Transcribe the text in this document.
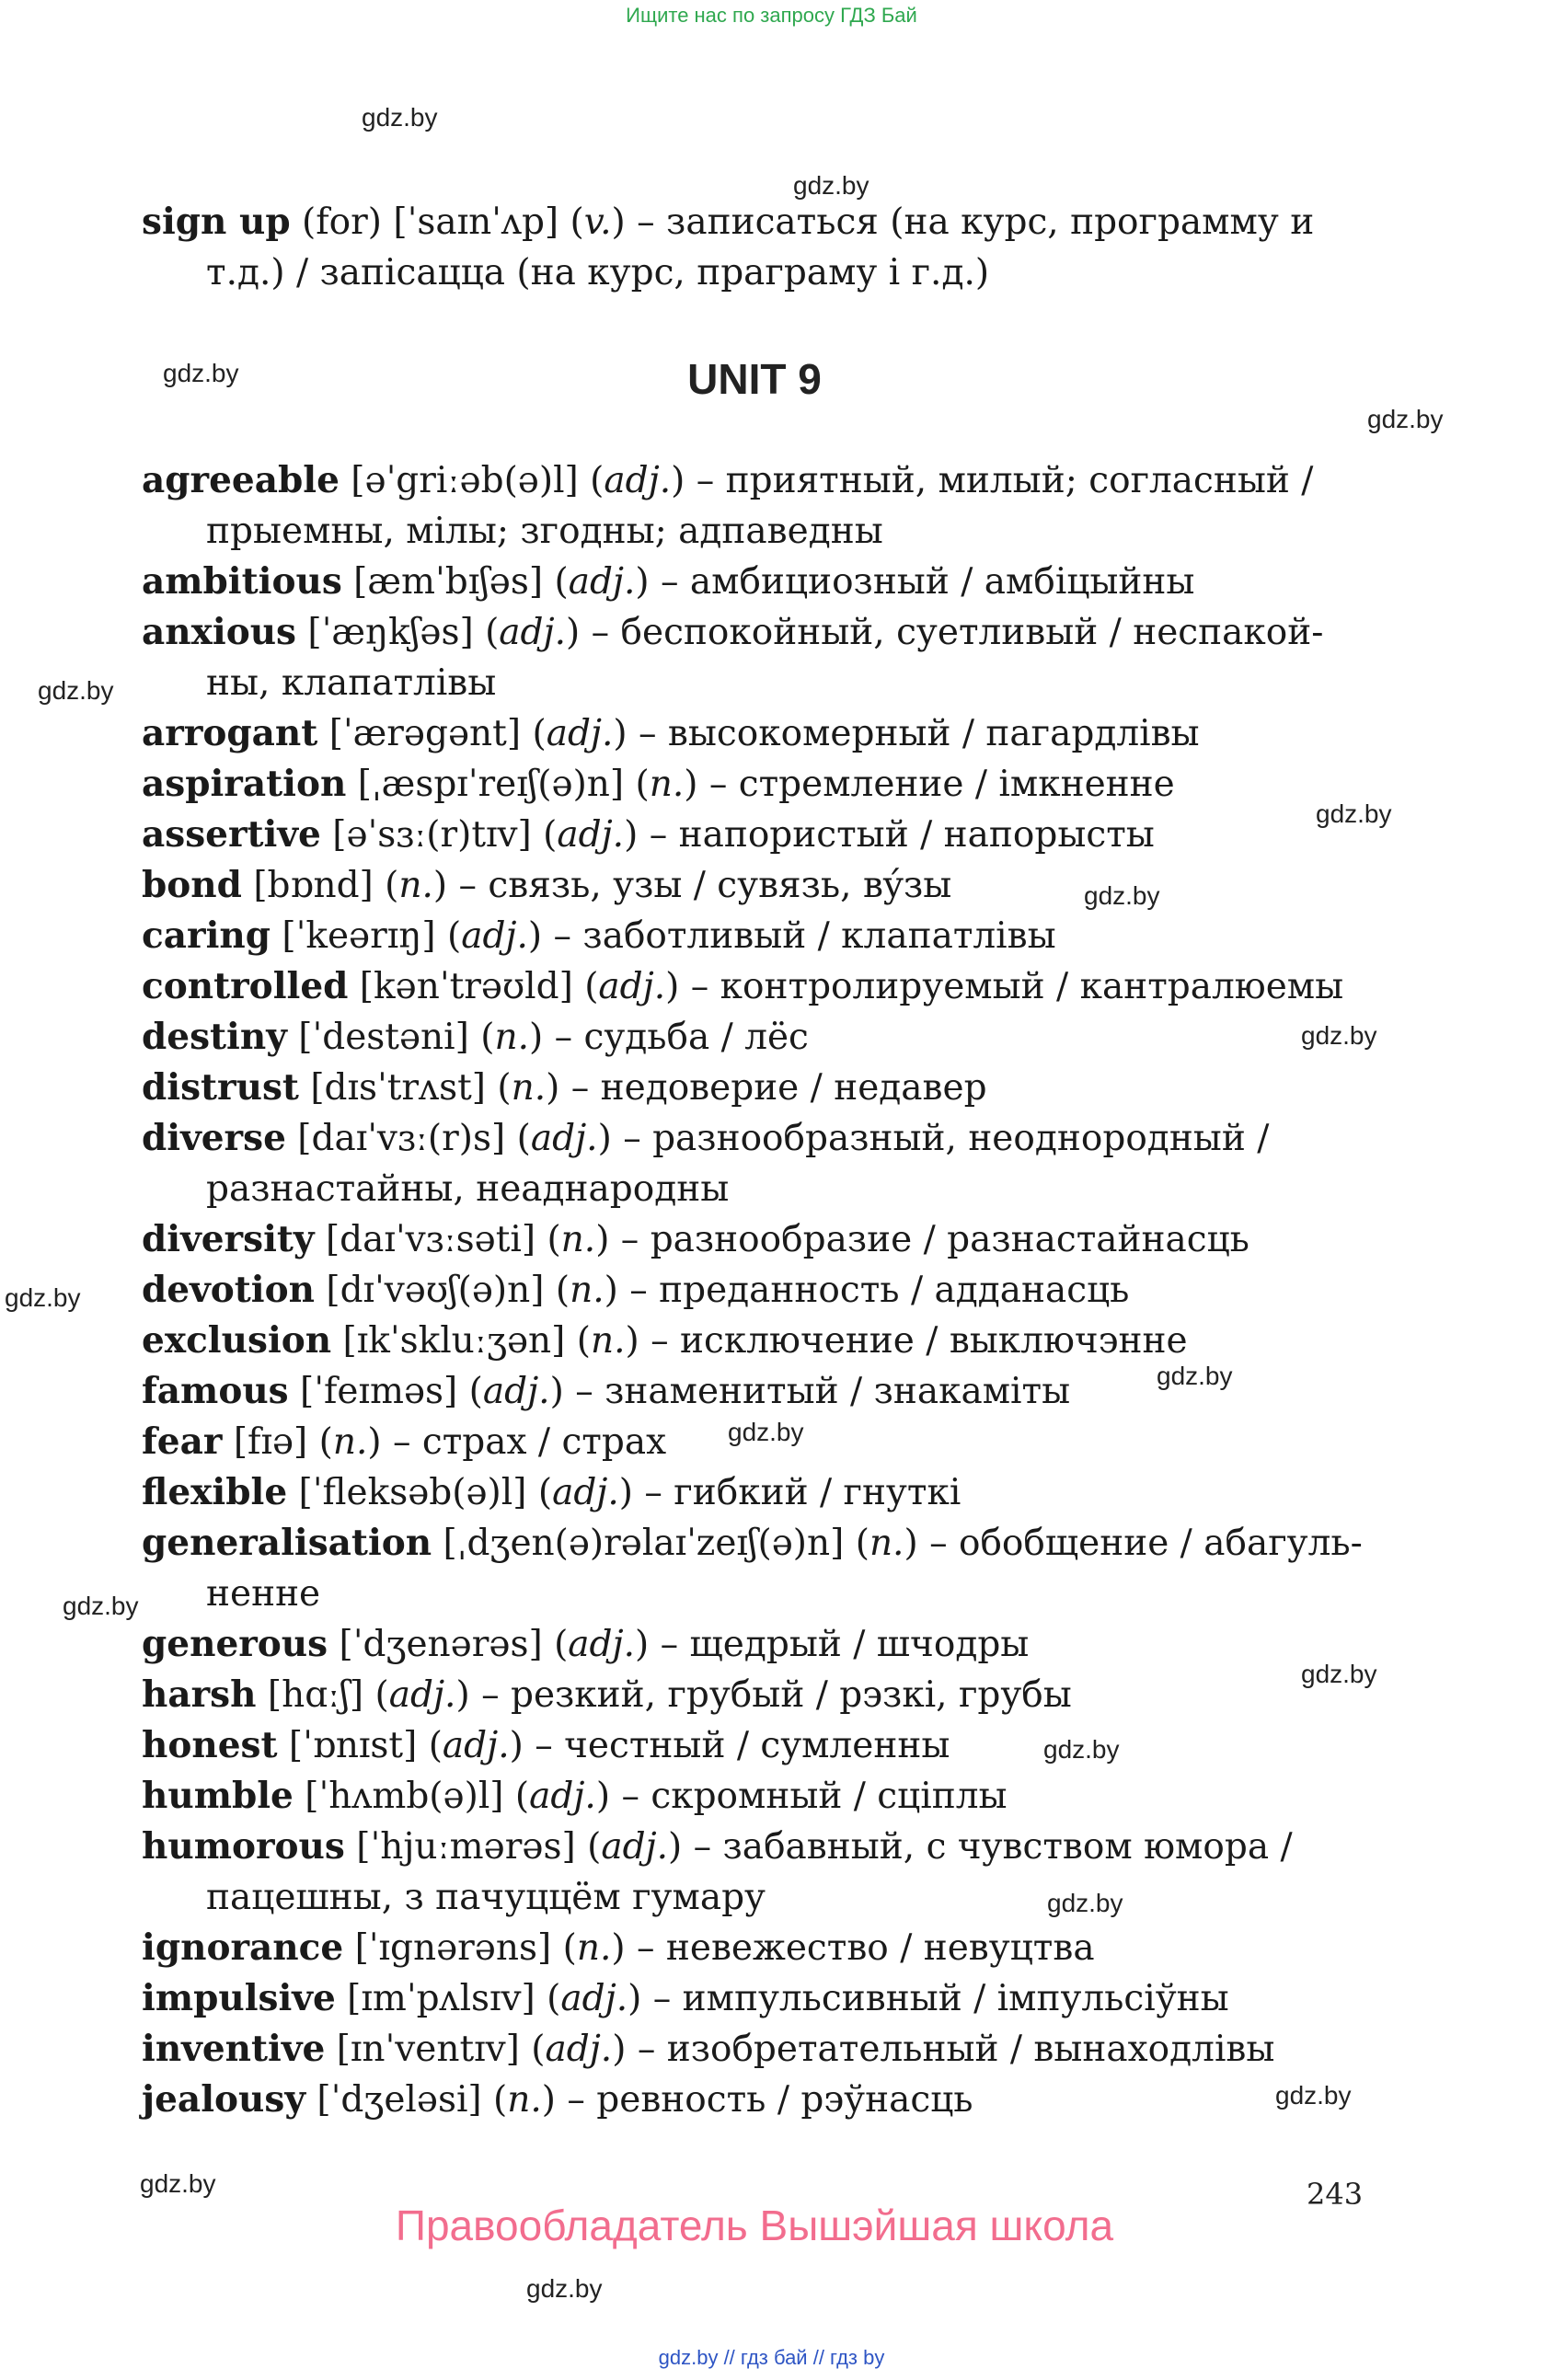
Ищите нас по запросу ГДЗ Бай
gdz.by
gdz.by
gdz.by
gdz.by
gdz.by
gdz.by
gdz.by
gdz.by
gdz.by
gdz.by
gdz.by
gdz.by
gdz.by
gdz.by
gdz.by
gdz.by
gdz.by
gdz.by
sign up (for) [ˈsaɪnˈʌp] (v.) – записаться (на курс, программу и
т.д.) / запісацца (на курс, праграму і г.д.)
UNIT 9
agreeable [əˈgriːəb(ə)l] (adj.) – приятный, милый; согласный /
прыемны, мілы; згодны; адпаведны
ambitious [æmˈbɪʃəs] (adj.) – амбициозный / амбіцыйны
anxious [ˈæŋkʃəs] (adj.) – беспокойный, суетливый / неспакой-
ны, клапатлівы
arrogant [ˈærəgənt] (adj.) – высокомерный / пагардлівы
aspiration [ˌæspɪˈreɪʃ(ə)n] (n.) – стремление / імкненне
assertive [əˈsɜː(r)tɪv] (adj.) – напористый / напорысты
bond [bɒnd] (n.) – связь, узы / сувязь, вýзы
caring [ˈkeərɪŋ] (adj.) – заботливый / клапатлівы
controlled [kənˈtrəʊld] (adj.) – контролируемый / кантралюемы
destiny [ˈdestəni] (n.) – судьба / лёс
distrust [dɪsˈtrʌst] (n.) – недоверие / недавер
diverse [daɪˈvɜː(r)s] (adj.) – разнообразный, неоднородный /
разнастайны, неаднародны
diversity [daɪˈvɜːsəti] (n.) – разнообразие / разнастайнасць
devotion [dɪˈvəʊʃ(ə)n] (n.) – преданность / адданасць
exclusion [ɪkˈskluːʒən] (n.) – исключение / выключэнне
famous [ˈfeɪməs] (adj.) – знаменитый / знакаміты
fear [fɪə] (n.) – страх / страх
flexible [ˈfleksəb(ə)l] (adj.) – гибкий / гнуткі
generalisation [ˌdʒen(ə)rəlaɪˈzeɪʃ(ə)n] (n.) – обобщение / абагуль-
ненне
generous [ˈdʒenərəs] (adj.) – щедрый / шчодры
harsh [hɑːʃ] (adj.) – резкий, грубый / рэзкі, грубы
honest [ˈɒnɪst] (adj.) – честный / сумленны
humble [ˈhʌmb(ə)l] (adj.) – скромный / сціплы
humorous [ˈhjuːmərəs] (adj.) – забавный, с чувством юмора /
пацешны, з пачуццём гумару
ignorance [ˈɪgnərəns] (n.) – невежество / невуцтва
impulsive [ɪmˈpʌlsɪv] (adj.) – импульсивный / імпульсіўны
inventive [ɪnˈventɪv] (adj.) – изобретательный / вынаходлівы
jealousy [ˈdʒeləsi] (n.) – ревность / рэўнасць
243
Правообладатель Вышэйшая школа
gdz.by // гдз бай // гдз by
